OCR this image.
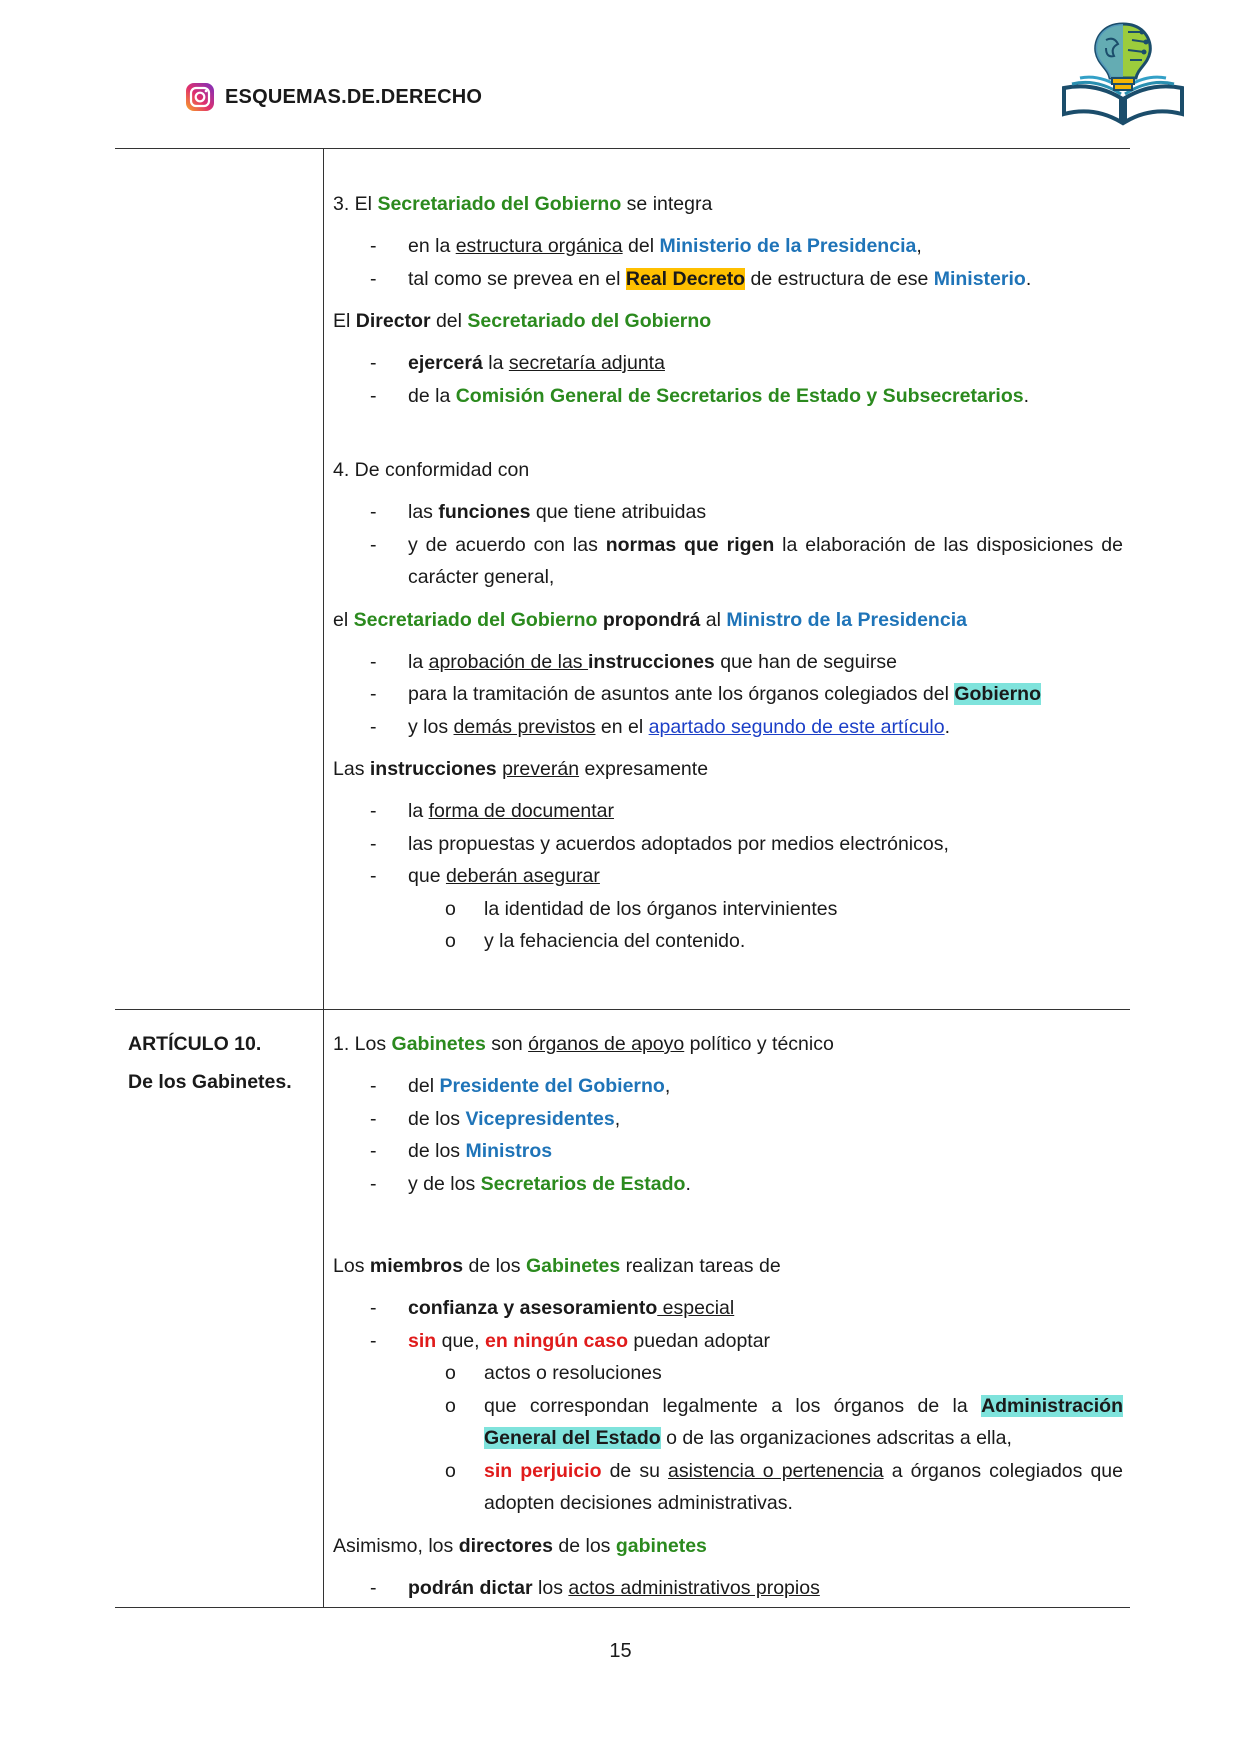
ESQUEMAS.DE.DERECHO
3. El Secretariado del Gobierno se integra
- en la estructura orgánica del Ministerio de la Presidencia,
- tal como se prevea en el Real Decreto de estructura de ese Ministerio.
El Director del Secretariado del Gobierno
- ejercerá la secretaría adjunta
- de la Comisión General de Secretarios de Estado y Subsecretarios.
4. De conformidad con
- las funciones que tiene atribuidas
- y de acuerdo con las normas que rigen la elaboración de las disposiciones de carácter general,
el Secretariado del Gobierno propondrá al Ministro de la Presidencia
- la aprobación de las instrucciones que han de seguirse
- para la tramitación de asuntos ante los órganos colegiados del Gobierno
- y los demás previstos en el apartado segundo de este artículo.
Las instrucciones preverán expresamente
- la forma de documentar
- las propuestas y acuerdos adoptados por medios electrónicos,
- que deberán asegurar
o la identidad de los órganos intervinientes
o y la fehaciencia del contenido.
ARTÍCULO 10.
De los Gabinetes.
1. Los Gabinetes son órganos de apoyo político y técnico
- del Presidente del Gobierno,
- de los Vicepresidentes,
- de los Ministros
- y de los Secretarios de Estado.
Los miembros de los Gabinetes realizan tareas de
- confianza y asesoramiento especial
- sin que, en ningún caso puedan adoptar
o actos o resoluciones
o que correspondan legalmente a los órganos de la Administración General del Estado o de las organizaciones adscritas a ella,
o sin perjuicio de su asistencia o pertenencia a órganos colegiados que adopten decisiones administrativas.
Asimismo, los directores de los gabinetes
- podrán dictar los actos administrativos propios
15
